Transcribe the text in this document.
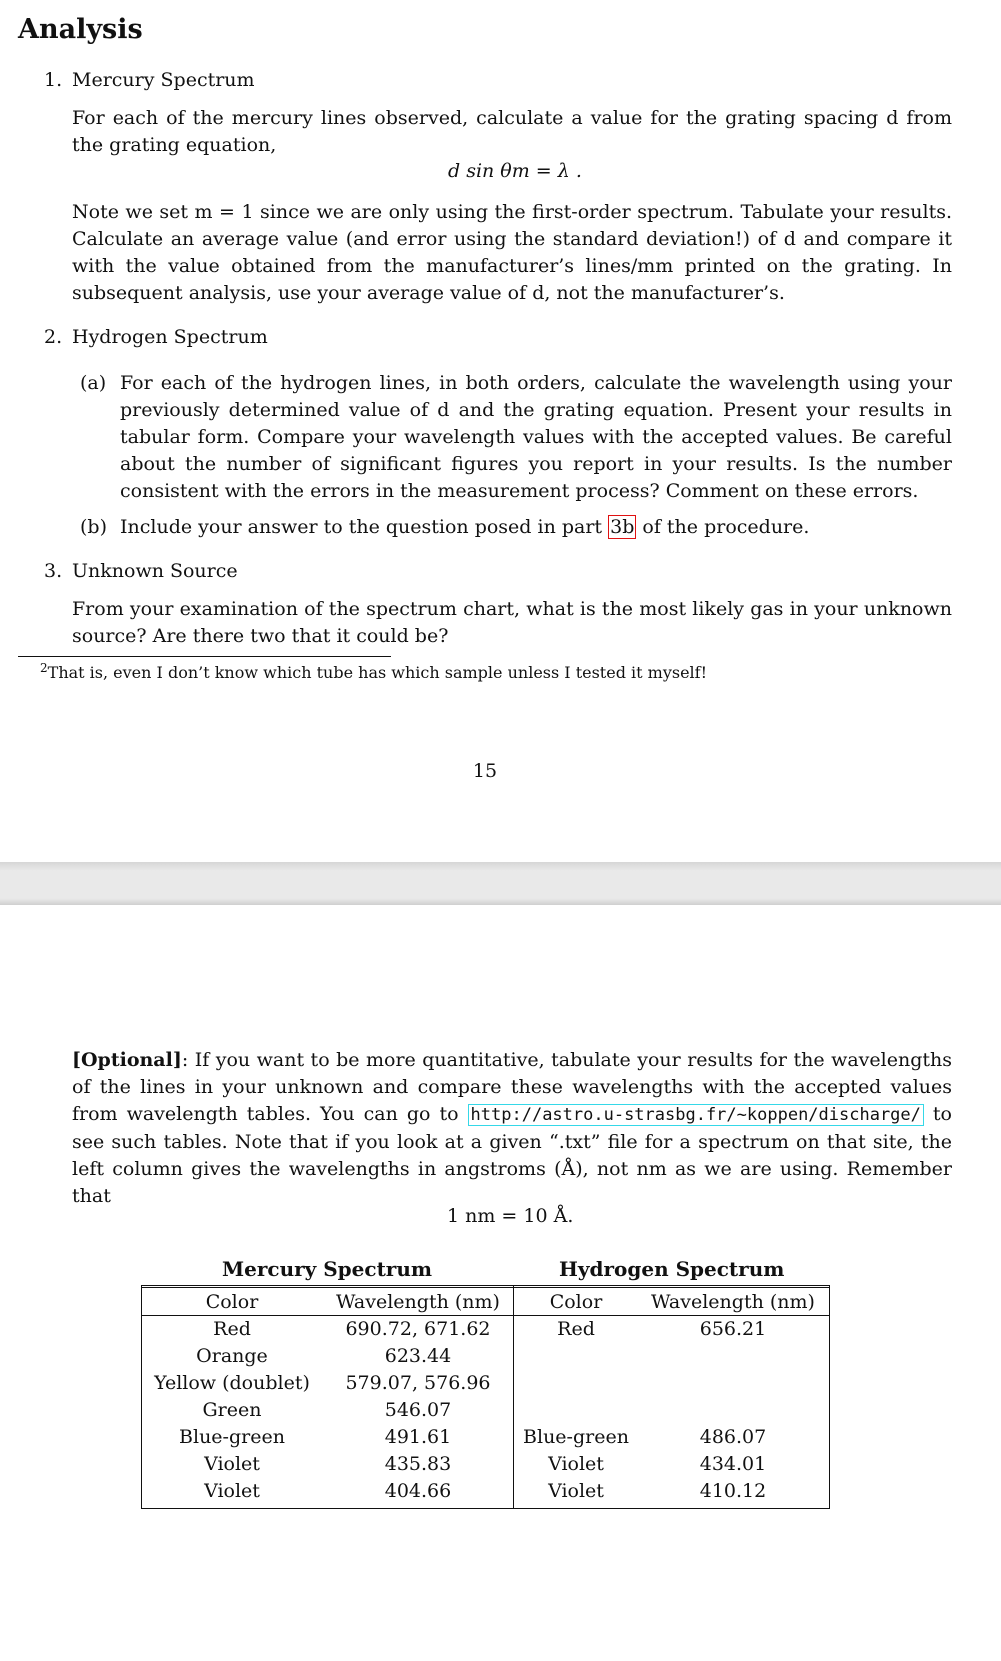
Analysis
1. Mercury Spectrum
For each of the mercury lines observed, calculate a value for the grating spacing d from the grating equation,
d sin θm = λ .
Note we set m = 1 since we are only using the first-order spectrum. Tabulate your results. Calculate an average value (and error using the standard deviation!) of d and compare it with the value obtained from the manufacturer’s lines/mm printed on the grating. In subsequent analysis, use your average value of d, not the manufacturer’s.
2. Hydrogen Spectrum
(a) For each of the hydrogen lines, in both orders, calculate the wavelength using your previously determined value of d and the grating equation. Present your results in tabular form. Compare your wavelength values with the accepted values. Be careful about the number of significant figures you report in your results. Is the number consistent with the errors in the measurement process? Comment on these errors.
(b) Include your answer to the question posed in part 3b of the procedure.
3. Unknown Source
From your examination of the spectrum chart, what is the most likely gas in your unknown source? Are there two that it could be?
$^2$That is, even I don’t know which tube has which sample unless I tested it myself!
15
[Optional]: If you want to be more quantitative, tabulate your results for the wavelengths of the lines in your unknown and compare these wavelengths with the accepted values from wavelength tables. You can go to http://astro.u-strasbg.fr/~koppen/discharge/ to see such tables. Note that if you look at a given “.txt” file for a spectrum on that site, the left column gives the wavelengths in angstroms (Å), not nm as we are using. Remember that
1 nm = 10 Å.
Mercury Spectrum	Hydrogen Spectrum
Color	Wavelength (nm)	Color	Wavelength (nm)
Red	690.72, 671.62	Red	656.21
Orange	623.44
Yellow (doublet)	579.07, 576.96
Green	546.07
Blue-green	491.61	Blue-green	486.07
Violet	435.83	Violet	434.01
Violet	404.66	Violet	410.12
